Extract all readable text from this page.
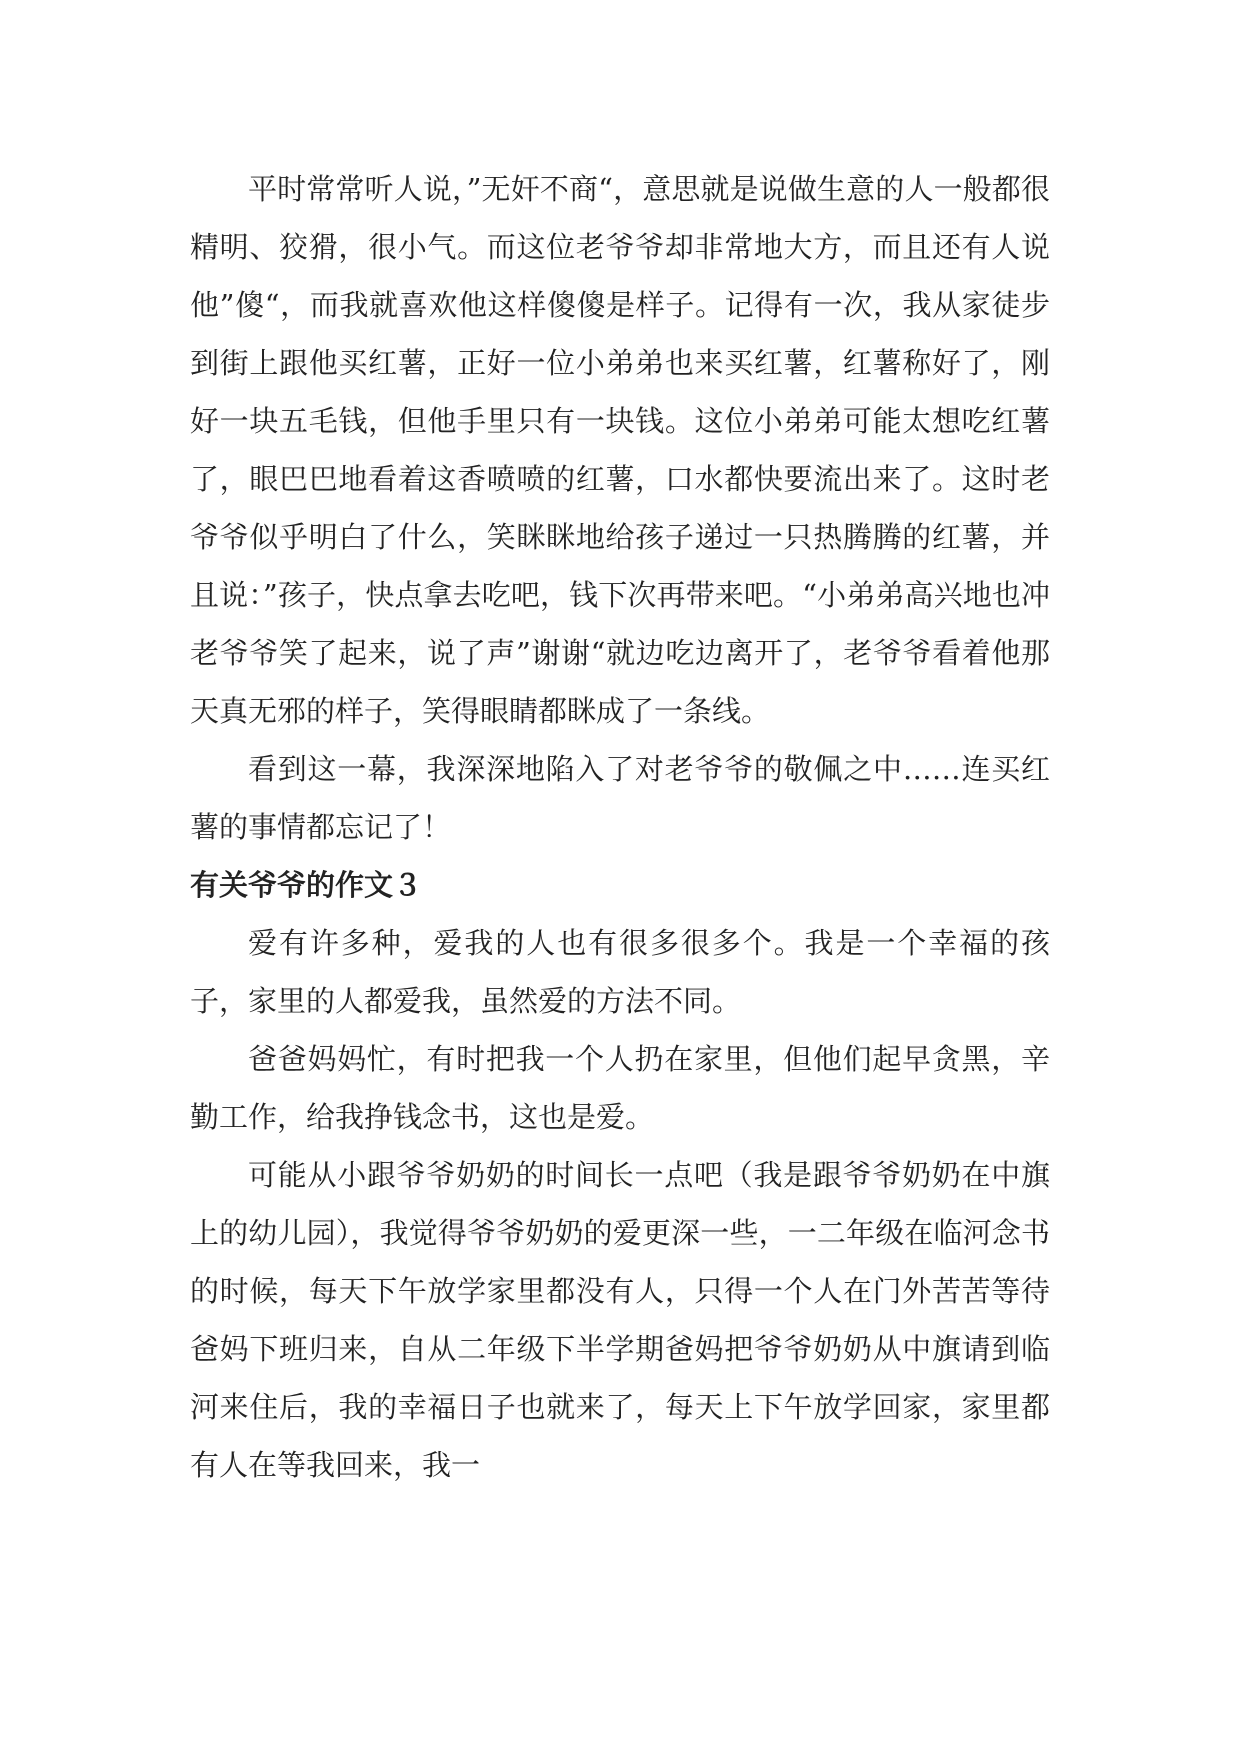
平时常常听人说，”无奸不商“，意思就是说做生意的人一般都很精明、狡猾，很小气。而这位老爷爷却非常地大方，而且还有人说他”傻“，而我就喜欢他这样傻傻是样子。记得有一次，我从家徒步到街上跟他买红薯，正好一位小弟弟也来买红薯，红薯称好了，刚好一块五毛钱，但他手里只有一块钱。这位小弟弟可能太想吃红薯了，眼巴巴地看着这香喷喷的红薯，口水都快要流出来了。这时老爷爷似乎明白了什么，笑眯眯地给孩子递过一只热腾腾的红薯，并且说：”孩子，快点拿去吃吧，钱下次再带来吧。“小弟弟高兴地也冲老爷爷笑了起来，说了声”谢谢“就边吃边离开了，老爷爷看着他那天真无邪的样子，笑得眼睛都眯成了一条线。

看到这一幕，我深深地陷入了对老爷爷的敬佩之中……连买红薯的事情都忘记了！

有关爷爷的作文３

爱有许多种，爱我的人也有很多很多个。我是一个幸福的孩子，家里的人都爱我，虽然爱的方法不同。

爸爸妈妈忙，有时把我一个人扔在家里，但他们起早贪黑，辛勤工作，给我挣钱念书，这也是爱。

可能从小跟爷爷奶奶的时间长一点吧（我是跟爷爷奶奶在中旗上的幼儿园），我觉得爷爷奶奶的爱更深一些，一二年级在临河念书的时候，每天下午放学家里都没有人，只得一个人在门外苦苦等待爸妈下班归来，自从二年级下半学期爸妈把爷爷奶奶从中旗请到临河来住后，我的幸福日子也就来了，每天上下午放学回家，家里都有人在等我回来，我一
